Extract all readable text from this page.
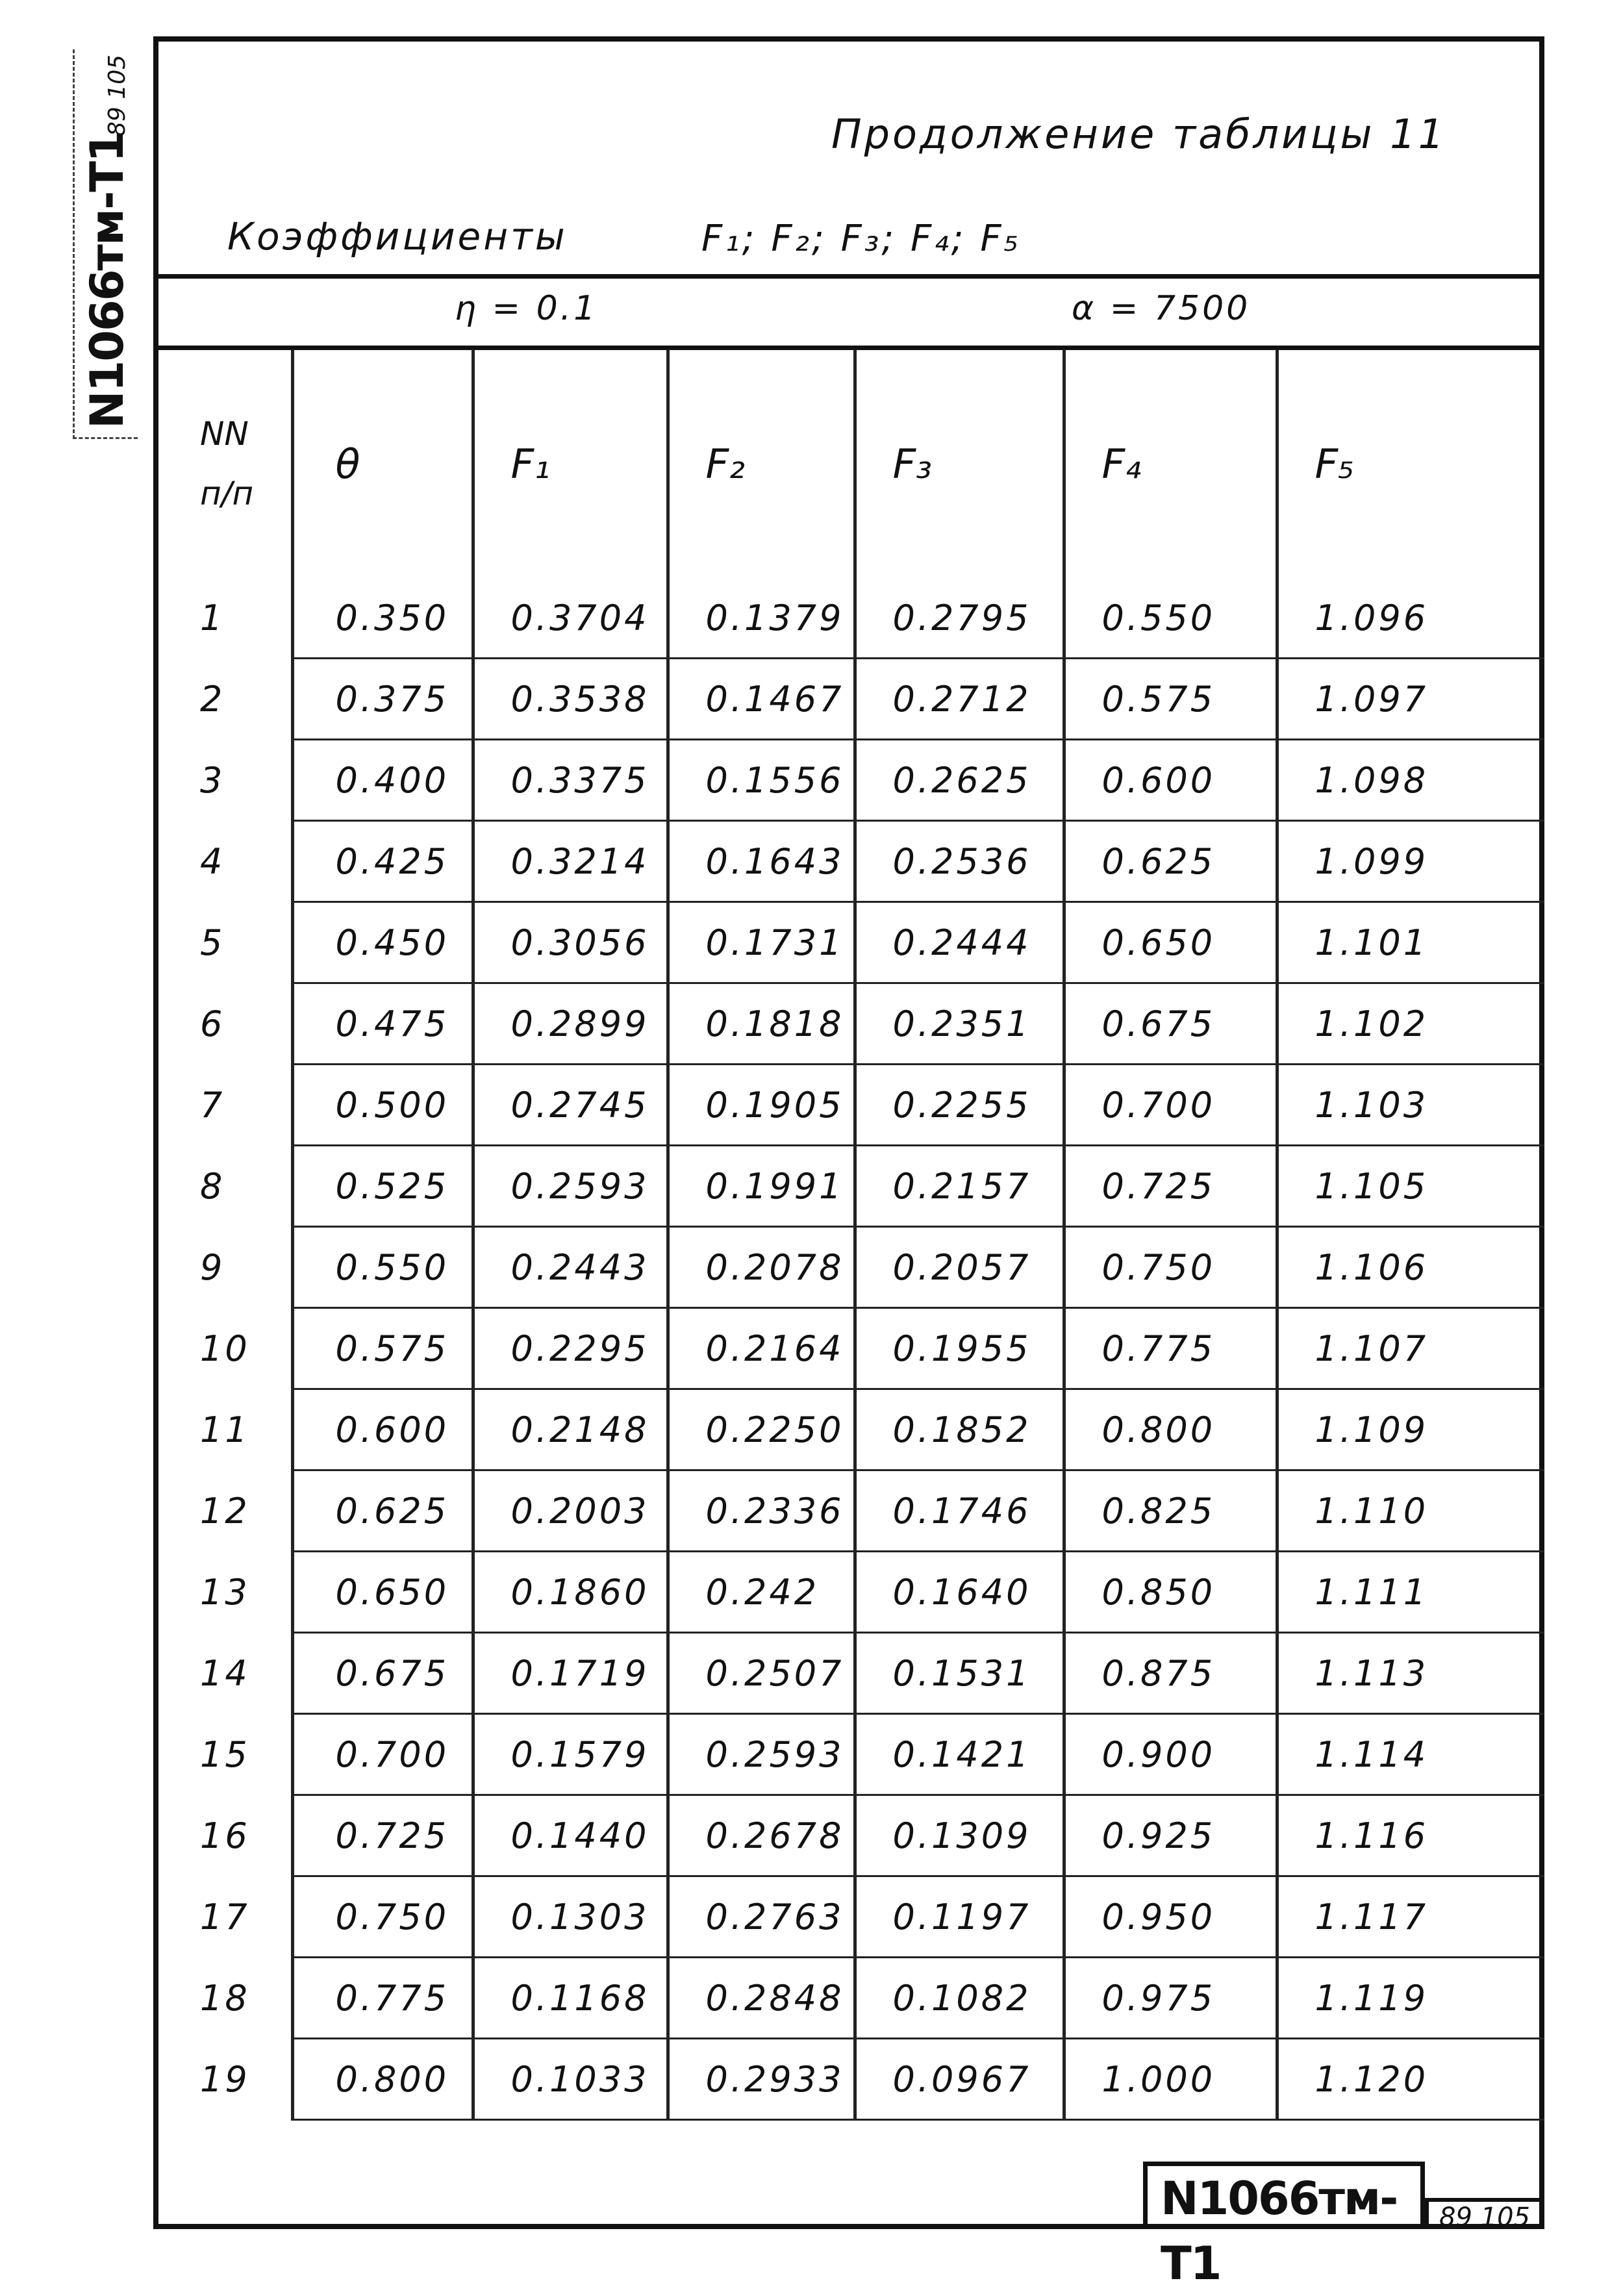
N1066тм-Т1
89 105	Продолжение таблицы 11
Коэффициенты	F₁; F₂; F₃; F₄; F₅
η = 0.1	α = 7500
NN п/п	θ	F₁	F₂	F₃	F₄	F₅
1	0.350	0.3704	0.1379	0.2795	0.550	1.096
2	0.375	0.3538	0.1467	0.2712	0.575	1.097
3	0.400	0.3375	0.1556	0.2625	0.600	1.098
4	0.425	0.3214	0.1643	0.2536	0.625	1.099
5	0.450	0.3056	0.1731	0.2444	0.650	1.101
6	0.475	0.2899	0.1818	0.2351	0.675	1.102
7	0.500	0.2745	0.1905	0.2255	0.700	1.103
8	0.525	0.2593	0.1991	0.2157	0.725	1.105
9	0.550	0.2443	0.2078	0.2057	0.750	1.106
10	0.575	0.2295	0.2164	0.1955	0.775	1.107
11	0.600	0.2148	0.2250	0.1852	0.800	1.109
12	0.625	0.2003	0.2336	0.1746	0.825	1.110
13	0.650	0.1860	0.242	0.1640	0.850	1.111
14	0.675	0.1719	0.2507	0.1531	0.875	1.113
15	0.700	0.1579	0.2593	0.1421	0.900	1.114
16	0.725	0.1440	0.2678	0.1309	0.925	1.116
17	0.750	0.1303	0.2763	0.1197	0.950	1.117
18	0.775	0.1168	0.2848	0.1082	0.975	1.119
19	0.800	0.1033	0.2933	0.0967	1.000	1.120
N1066тм-Т1
89 105
